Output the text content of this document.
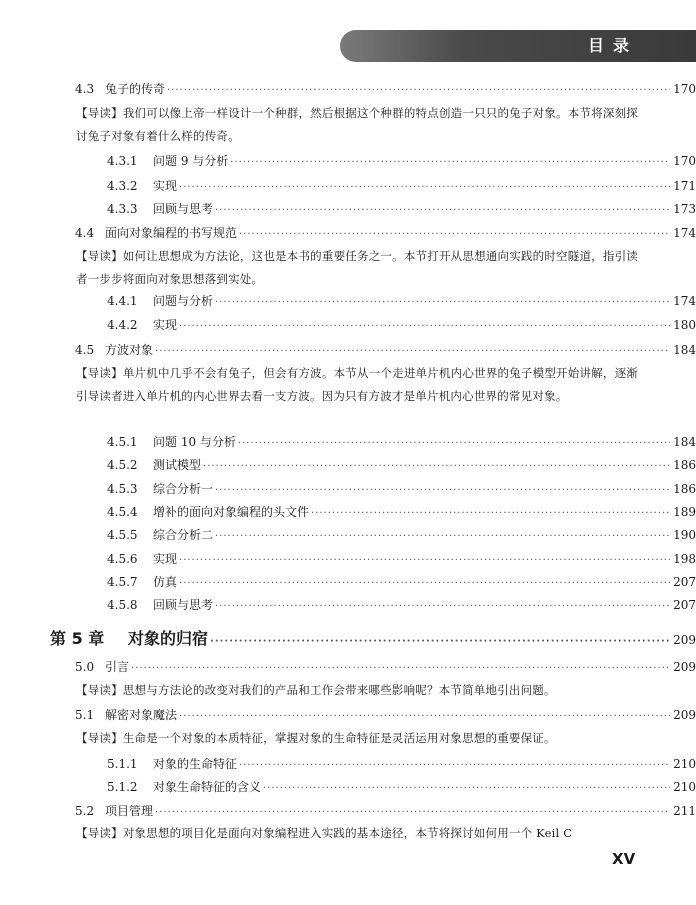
目录
4.3 兔子的传奇 ·····	170
【导读】我们可以像上帝一样设计一个种群，然后根据这个种群的特点创造一只只的兔子对象。本节将深刻探讨兔子对象有着什么样的传奇。
4.3.1	问题 9 与分析 ·····	170
4.3.2	实现 ·····	171
4.3.3	回顾与思考 ·····	173
4.4 面向对象编程的书写规范 ·····	174
【导读】如何让思想成为方法论，这也是本书的重要任务之一。本节打开从思想通向实践的时空隧道，指引读者一步步将面向对象思想落到实处。
4.4.1	问题与分析 ·····	174
4.4.2	实现 ·····	180
4.5 方波对象 ·····	184
【导读】单片机中几乎不会有兔子，但会有方波。本节从一个走进单片机内心世界的兔子模型开始讲解，逐渐引导读者进入单片机的内心世界去看一支方波。因为只有方波才是单片机内心世界的常见对象。
4.5.1	问题 10 与分析 ·····	184
4.5.2	测试模型 ·····	186
4.5.3	综合分析一 ·····	186
4.5.4	增补的面向对象编程的头文件 ·····	189
4.5.5	综合分析二 ·····	190
4.5.6	实现 ·····	198
4.5.7	仿真 ·····	207
4.5.8	回顾与思考 ·····	207
第 5 章	对象的归宿 ·····	209
5.0 引言 ·····	209
【导读】思想与方法论的改变对我们的产品和工作会带来哪些影响呢？本节简单地引出问题。
5.1 解密对象魔法 ·····	209
【导读】生命是一个对象的本质特征，掌握对象的生命特征是灵活运用对象思想的重要保证。
5.1.1	对象的生命特征 ·····	210
5.1.2	对象生命特征的含义 ·····	210
5.2 项目管理 ·····	211
【导读】对象思想的项目化是面向对象编程进入实践的基本途径，本节将探讨如何用一个 Keil C
XV
